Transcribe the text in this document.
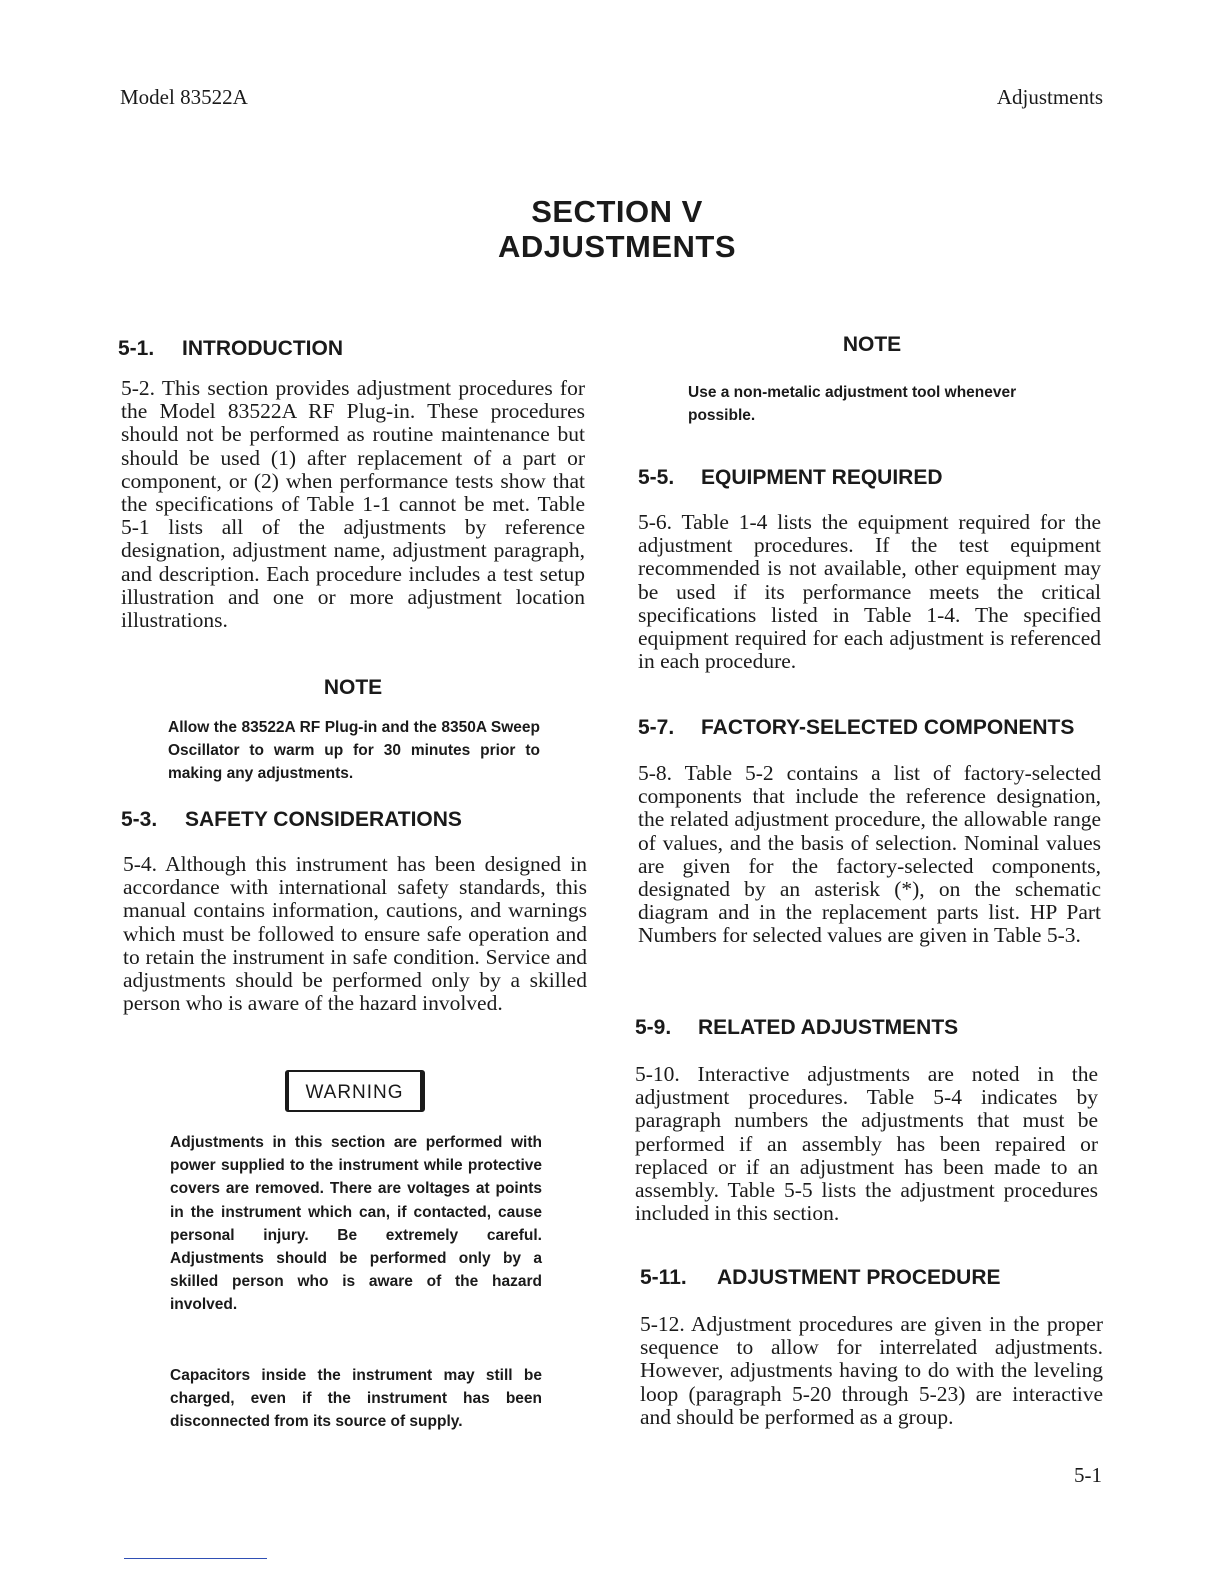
Model 83522A	Adjustments
SECTION V
ADJUSTMENTS
5-1. INTRODUCTION
5-2. This section provides adjustment procedures for the Model 83522A RF Plug-in. These procedures should not be performed as routine maintenance but should be used (1) after replacement of a part or component, or (2) when performance tests show that the specifications of Table 1-1 cannot be met. Table 5-1 lists all of the adjustments by reference designation, adjustment name, adjustment paragraph, and description. Each procedure includes a test setup illustration and one or more adjustment location illustrations.
NOTE
Allow the 83522A RF Plug-in and the 8350A Sweep Oscillator to warm up for 30 minutes prior to making any adjustments.
5-3. SAFETY CONSIDERATIONS
5-4. Although this instrument has been designed in accordance with international safety standards, this manual contains information, cautions, and warnings which must be followed to ensure safe operation and to retain the instrument in safe condition. Service and adjustments should be performed only by a skilled person who is aware of the hazard involved.
WARNING
Adjustments in this section are performed with power supplied to the instrument while protective covers are removed. There are voltages at points in the instrument which can, if contacted, cause personal injury. Be extremely careful. Adjustments should be performed only by a skilled person who is aware of the hazard involved.
Capacitors inside the instrument may still be charged, even if the instrument has been disconnected from its source of supply.
NOTE
Use a non-metalic adjustment tool whenever possible.
5-5. EQUIPMENT REQUIRED
5-6. Table 1-4 lists the equipment required for the adjustment procedures. If the test equipment recommended is not available, other equipment may be used if its performance meets the critical specifications listed in Table 1-4. The specified equipment required for each adjustment is referenced in each procedure.
5-7. FACTORY-SELECTED COMPONENTS
5-8. Table 5-2 contains a list of factory-selected components that include the reference designation, the related adjustment procedure, the allowable range of values, and the basis of selection. Nominal values are given for the factory-selected components, designated by an asterisk (*), on the schematic diagram and in the replacement parts list. HP Part Numbers for selected values are given in Table 5-3.
5-9. RELATED ADJUSTMENTS
5-10. Interactive adjustments are noted in the adjustment procedures. Table 5-4 indicates by paragraph numbers the adjustments that must be performed if an assembly has been repaired or replaced or if an adjustment has been made to an assembly. Table 5-5 lists the adjustment procedures included in this section.
5-11. ADJUSTMENT PROCEDURE
5-12. Adjustment procedures are given in the proper sequence to allow for interrelated adjustments. However, adjustments having to do with the leveling loop (paragraph 5-20 through 5-23) are interactive and should be performed as a group.
5-1
